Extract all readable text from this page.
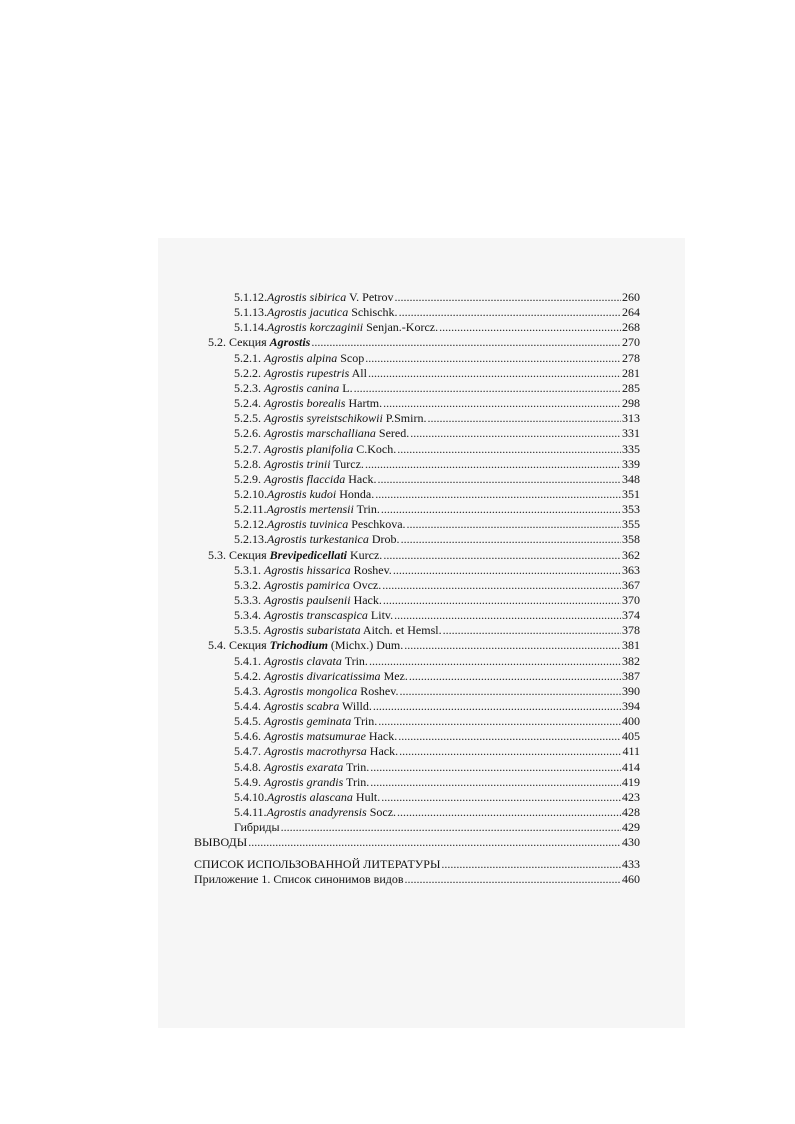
5.1.12.Agrostis sibirica V. Petrov .....	260
5.1.13.Agrostis jacutica Schischk. .....	264
5.1.14.Agrostis korczaginii Senjan.-Korcz. .....	268
5.2. Секция Agrostis .....	270
5.2.1. Agrostis alpina Scop .....	278
5.2.2. Agrostis rupestris All .....	281
5.2.3. Agrostis canina L. .....	285
5.2.4. Agrostis borealis Hartm. .....	298
5.2.5. Agrostis syreistschikowii P.Smirn. .....	313
5.2.6. Agrostis marschalliana Sered. .....	331
5.2.7. Agrostis planifolia C.Koch. .....	335
5.2.8. Agrostis trinii Turcz. .....	339
5.2.9. Agrostis flaccida Hack. .....	348
5.2.10.Agrostis kudoi Honda. .....	351
5.2.11.Agrostis mertensii Trin. .....	353
5.2.12.Agrostis tuvinica Peschkova. .....	355
5.2.13.Agrostis turkestanica Drob. .....	358
5.3. Секция Brevipedicellati Kurcz. .....	362
5.3.1. Agrostis hissarica Roshev. .....	363
5.3.2. Agrostis pamirica Ovcz. .....	367
5.3.3. Agrostis paulsenii Hack. .....	370
5.3.4. Agrostis transcaspica Litv. .....	374
5.3.5. Agrostis subaristata Aitch. et Hemsl. .....	378
5.4. Секция Trichodium (Michx.) Dum. .....	381
5.4.1. Agrostis clavata Trin. .....	382
5.4.2. Agrostis divaricatissima Mez. .....	387
5.4.3. Agrostis mongolica Roshev. .....	390
5.4.4. Agrostis scabra Willd. .....	394
5.4.5. Agrostis geminata Trin. .....	400
5.4.6. Agrostis matsumurae Hack. .....	405
5.4.7. Agrostis macrothyrsa Hack. .....	411
5.4.8. Agrostis exarata Trin. .....	414
5.4.9. Agrostis grandis Trin. .....	419
5.4.10.Agrostis alascana Hult. .....	423
5.4.11.Agrostis anadyrensis Socz. .....	428
Гибриды .....	429
ВЫВОДЫ .....	430
СПИСОК ИСПОЛЬЗОВАННОЙ ЛИТЕРАТУРЫ .....	433
Приложение 1. Список синонимов видов .....	460
